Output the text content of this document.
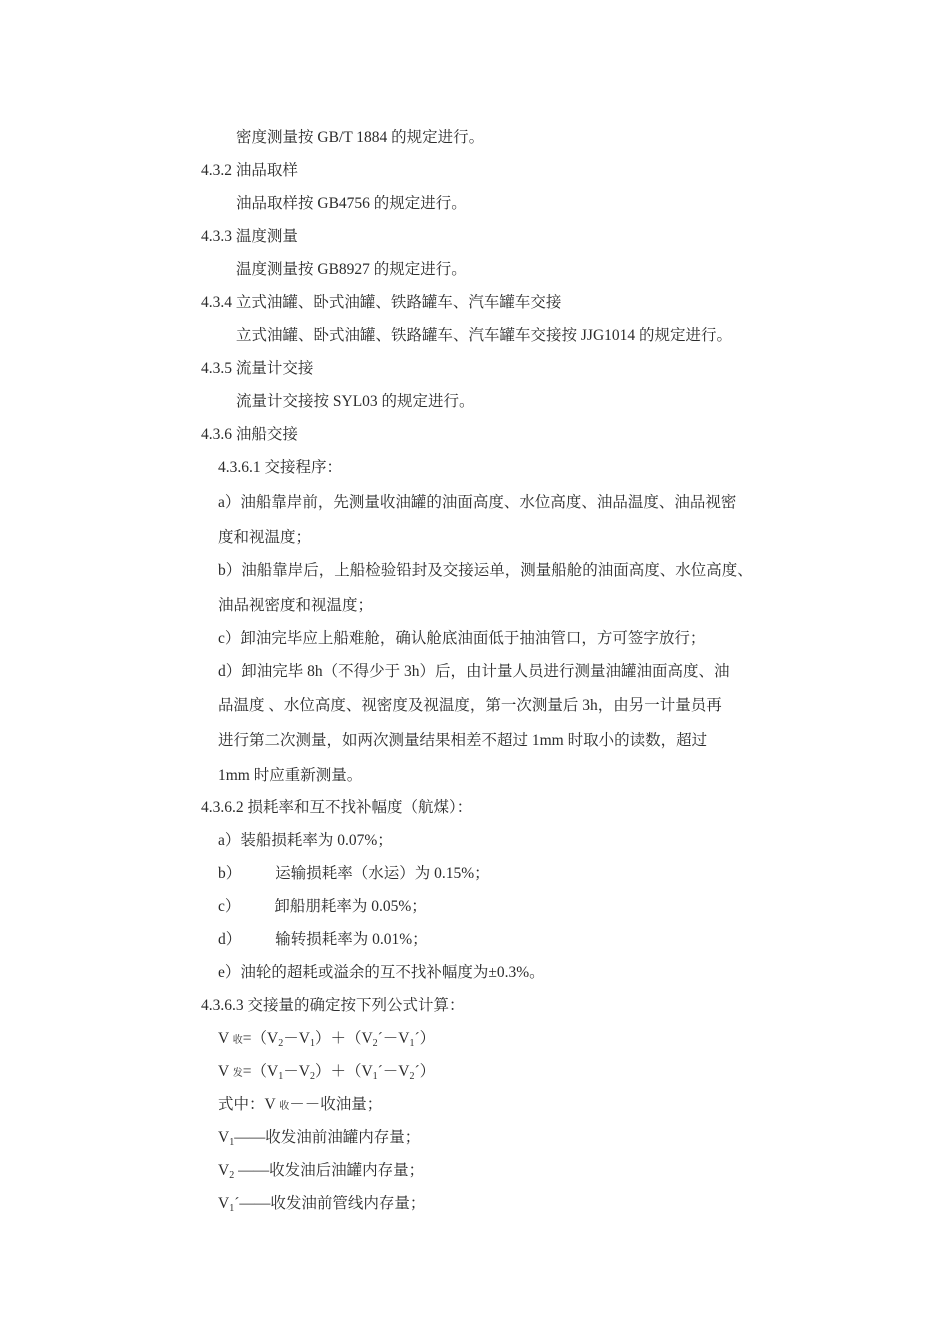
密度测量按 GB/T 1884 的规定进行。
4.3.2 油品取样
油品取样按 GB4756 的规定进行。
4.3.3 温度测量
温度测量按 GB8927 的规定进行。
4.3.4 立式油罐、卧式油罐、铁路罐车、汽车罐车交接
立式油罐、卧式油罐、铁路罐车、汽车罐车交接按 JJG1014 的规定进行。
4.3.5 流量计交接
流量计交接按 SYL03 的规定进行。
4.3.6 油船交接
4.3.6.1 交接程序：
a）油船靠岸前，先测量收油罐的油面高度、水位高度、油品温度、油品视密
度和视温度；
b）油船靠岸后，上船检验铅封及交接运单，测量船舱的油面高度、水位高度、
油品视密度和视温度；
c）卸油完毕应上船难舱，确认舱底油面低于抽油管口，方可签字放行；
d）卸油完毕 8h（不得少于 3h）后，由计量人员进行测量油罐油面高度、油
品温度 、水位高度、视密度及视温度，第一次测量后 3h，由另一计量员再
进行第二次测量，如两次测量结果相差不超过 1mm 时取小的读数，超过
1mm 时应重新测量。
4.3.6.2 损耗率和互不找补幅度（航煤）：
a）装船损耗率为 0.07%；
b） 运输损耗率（水运）为 0.15%；
c） 卸船朋耗率为 0.05%；
d） 输转损耗率为 0.01%；
e）油轮的超耗或溢余的互不找补幅度为±0.3%。
4.3.6.3 交接量的确定按下列公式计算：
V 收$=(V_2-V_1)+(V_2´-V_1´)$
V 发$=(V_1-V_2)+(V_1´-V_2´)$
式中：V 收－－收油量；
$V_1——$收发油前油罐内存量；
$V_2$ ——收发油后油罐内存量；
$V_1´——$收发油前管线内存量；
